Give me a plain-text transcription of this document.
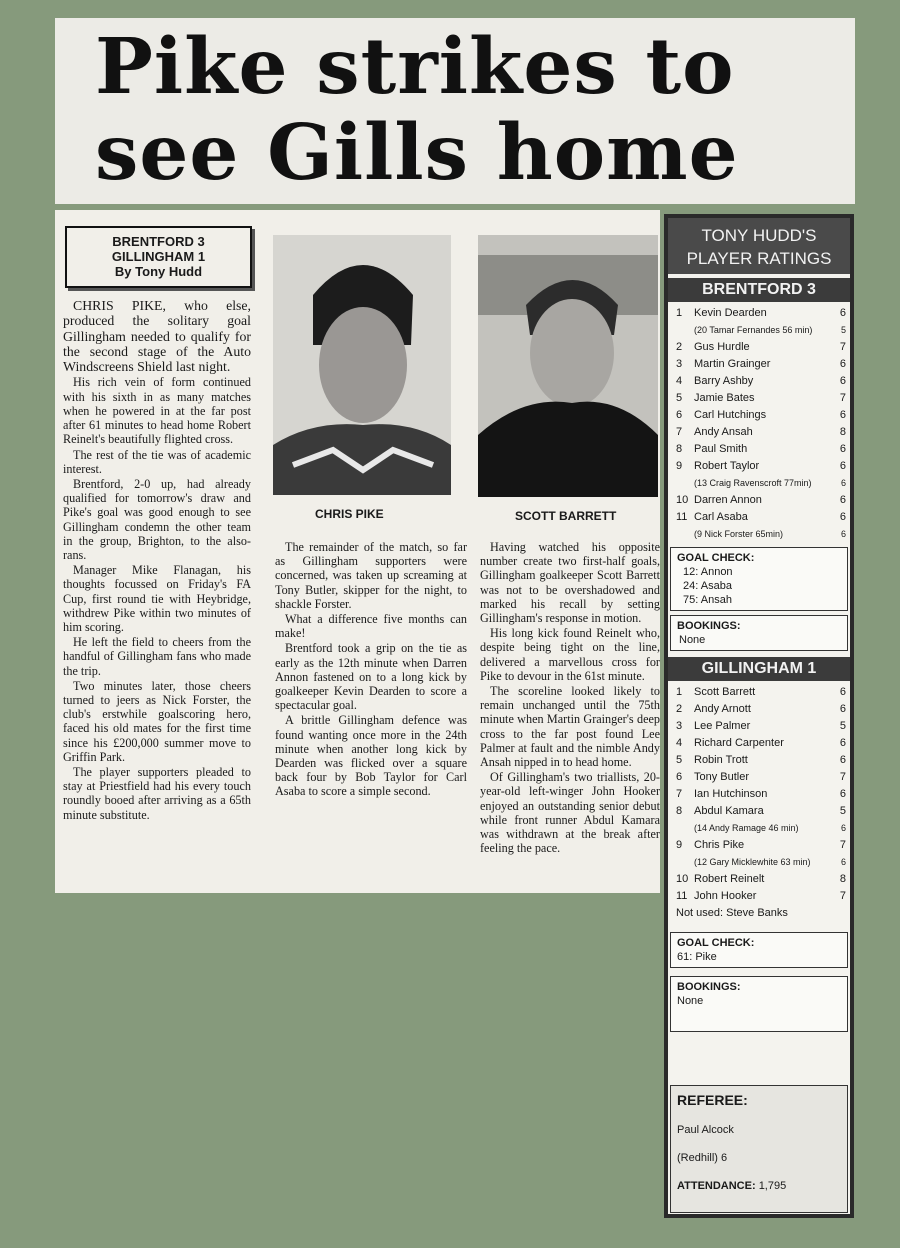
Pike strikes to
see Gills home
BRENTFORD 3
GILLINGHAM 1
By Tony Hudd

CHRIS PIKE, who else, produced the solitary goal Gillingham needed to qualify for the second stage of the Auto Windscreens Shield last night.

His rich vein of form continued with his sixth in as many matches when he powered in at the far post after 61 minutes to head home Robert Reinelt's beautifully flighted cross.

The rest of the tie was of academic interest.

Brentford, 2-0 up, had already qualified for tomorrow's draw and Pike's goal was good enough to see Gillingham condemn the other team in the group, Brighton, to the also-rans.

Manager Mike Flanagan, his thoughts focussed on Friday's FA Cup, first round tie with Heybridge, withdrew Pike within two minutes of him scoring.

He left the field to cheers from the handful of Gillingham fans who made the trip.

Two minutes later, those cheers turned to jeers as Nick Forster, the club's erstwhile goalscoring hero, faced his old mates for the first time since his £200,000 summer move to Griffin Park.

The player supporters pleaded to stay at Priestfield had his every touch roundly booed after arriving as a 65th minute substitute.

CHRIS PIKE	SCOTT BARRETT

The remainder of the match, so far as Gillingham supporters were concerned, was taken up screaming at Tony Butler, skipper for the night, to shackle Forster.

What a difference five months can make!

Brentford took a grip on the tie as early as the 12th minute when Darren Annon fastened on to a long kick by goalkeeper Kevin Dearden to score a spectacular goal.

A brittle Gillingham defence was found wanting once more in the 24th minute when another long kick by Dearden was flicked over a square back four by Bob Taylor for Carl Asaba to score a simple second.

Having watched his opposite number create two first-half goals, Gillingham goalkeeper Scott Barrett was not to be overshadowed and marked his recall by setting Gillingham's response in motion.

His long kick found Reinelt who, despite being tight on the line, delivered a marvellous cross for Pike to devour in the 61st minute.

The scoreline looked likely to remain unchanged until the 75th minute when Martin Grainger's deep cross to the far post found Lee Palmer at fault and the nimble Andy Ansah nipped in to head home.

Of Gillingham's two triallists, 20-year-old left-winger John Hooker enjoyed an outstanding senior debut while front runner Abdul Kamara was withdrawn at the break after feeling the pace.

TONY HUDD'S
PLAYER RATINGS
BRENTFORD 3
1	Kevin Dearden	6
(20 Tamar Fernandes 56 min)	5
2	Gus Hurdle	7
3	Martin Grainger	6
4	Barry Ashby	6
5	Jamie Bates	7
6	Carl Hutchings	6
7	Andy Ansah	8
8	Paul Smith	6
9	Robert Taylor	6
(13 Craig Ravenscroft 77min)	6
10 Darren Annon	6
11 Carl Asaba	6
(9 Nick Forster 65min)	6
GOAL CHECK:
12: Annon
24: Asaba
75: Ansah
BOOKINGS:
None
GILLINGHAM 1
1	Scott Barrett	6
2	Andy Arnott	6
3	Lee Palmer	5
4	Richard Carpenter	6
5	Robin Trott	6
6	Tony Butler	7
7	Ian Hutchinson	6
8	Abdul Kamara	5
(14 Andy Ramage 46 min)	6
9	Chris Pike	7
(12 Gary Micklewhite 63 min)	6
10 Robert Reinelt	8
11 John Hooker	7
Not used: Steve Banks
GOAL CHECK:
61: Pike
BOOKINGS:
None
REFEREE:
Paul Alcock
(Redhill) 6
ATTENDANCE: 1,795
